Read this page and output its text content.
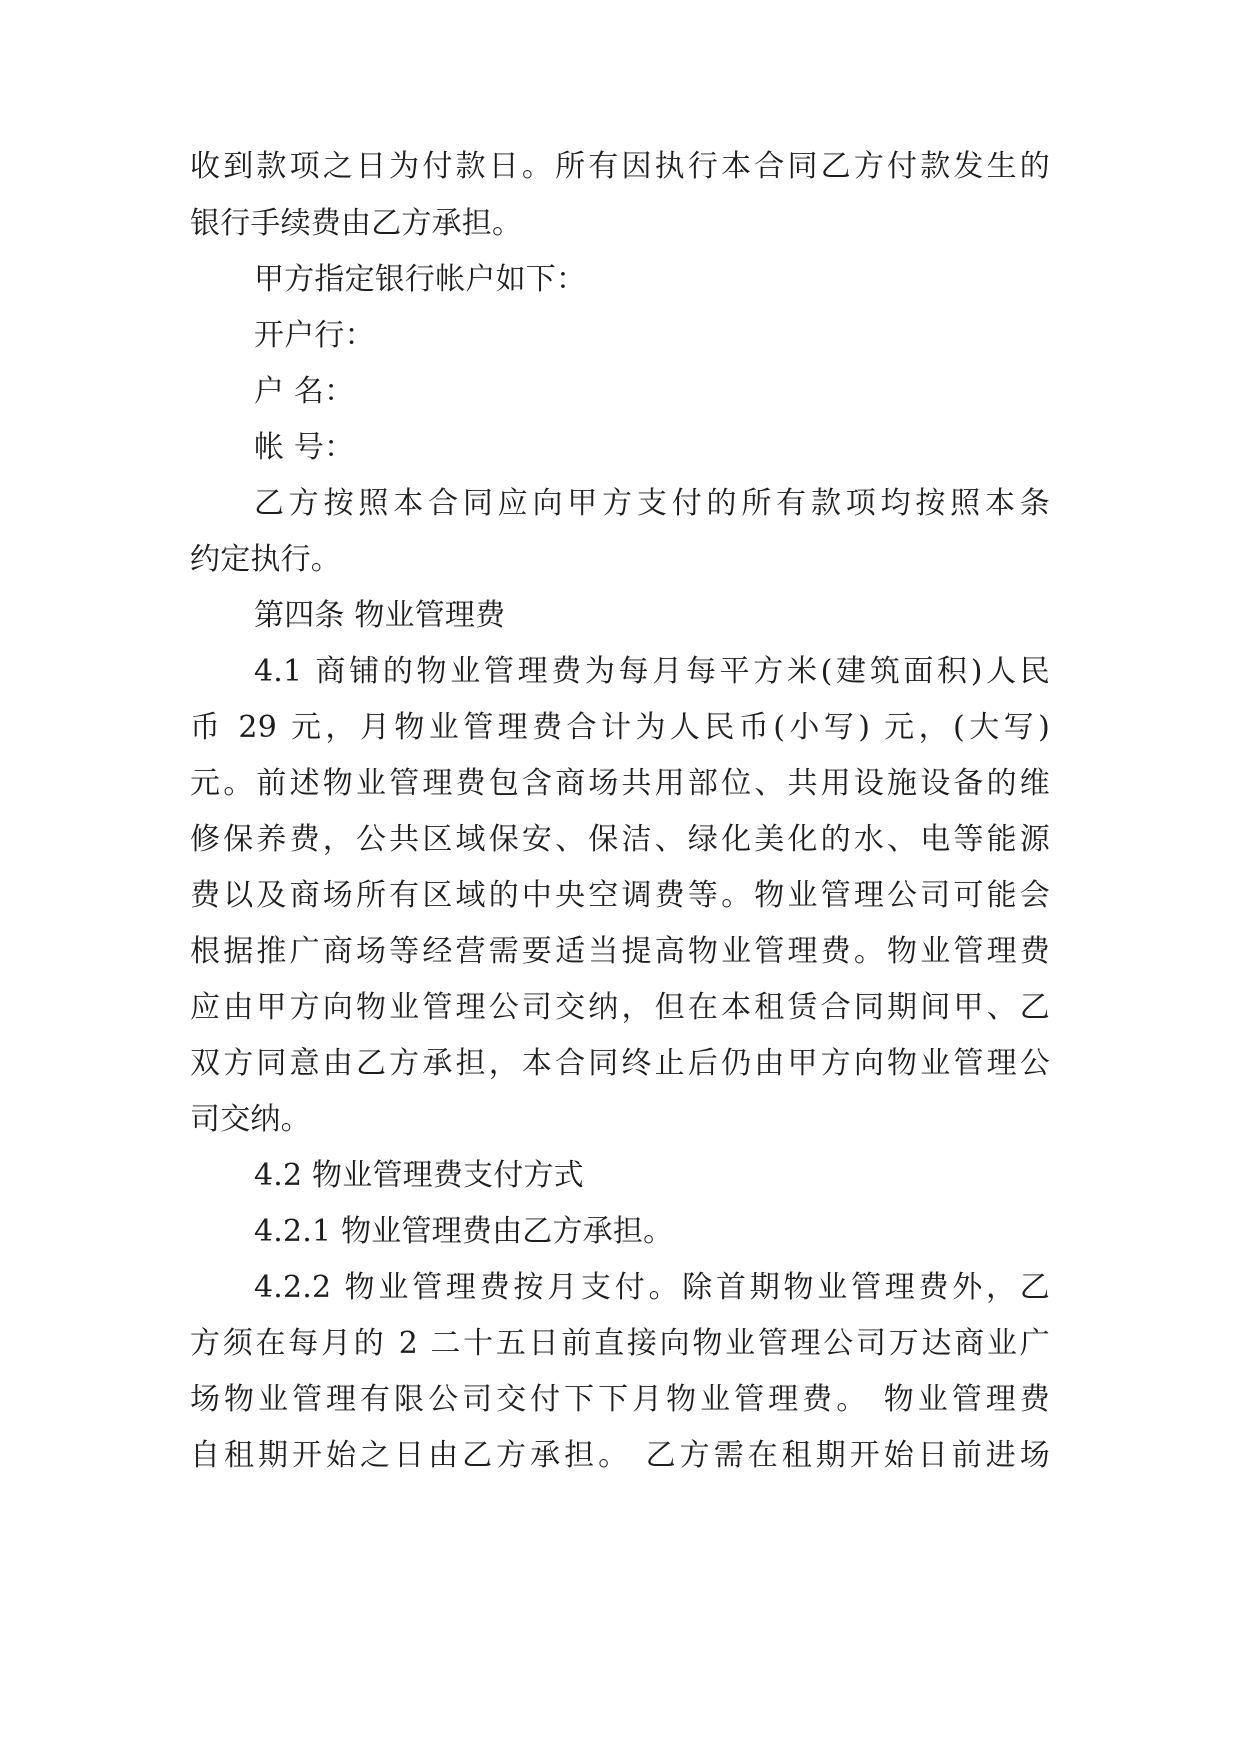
收到款项之日为付款日。所有因执行本合同乙方付款发生的
银行手续费由乙方承担。
甲方指定银行帐户如下：
开户行：
户 名：
帐 号：
乙方按照本合同应向甲方支付的所有款项均按照本条
约定执行。
第四条 物业管理费
4.1 商铺的物业管理费为每月每平方米(建筑面积)人民
币 29 元，月物业管理费合计为人民币(小写) 元，(大写)
元。前述物业管理费包含商场共用部位、共用设施设备的维
修保养费，公共区域保安、保洁、绿化美化的水、电等能源
费以及商场所有区域的中央空调费等。物业管理公司可能会
根据推广商场等经营需要适当提高物业管理费。物业管理费
应由甲方向物业管理公司交纳，但在本租赁合同期间甲、乙
双方同意由乙方承担，本合同终止后仍由甲方向物业管理公
司交纳。
4.2 物业管理费支付方式
4.2.1 物业管理费由乙方承担。
4.2.2 物业管理费按月支付。除首期物业管理费外，乙
方须在每月的 2 二十五日前直接向物业管理公司万达商业广
场物业管理有限公司交付下下月物业管理费。 物业管理费
自租期开始之日由乙方承担。 乙方需在租期开始日前进场
